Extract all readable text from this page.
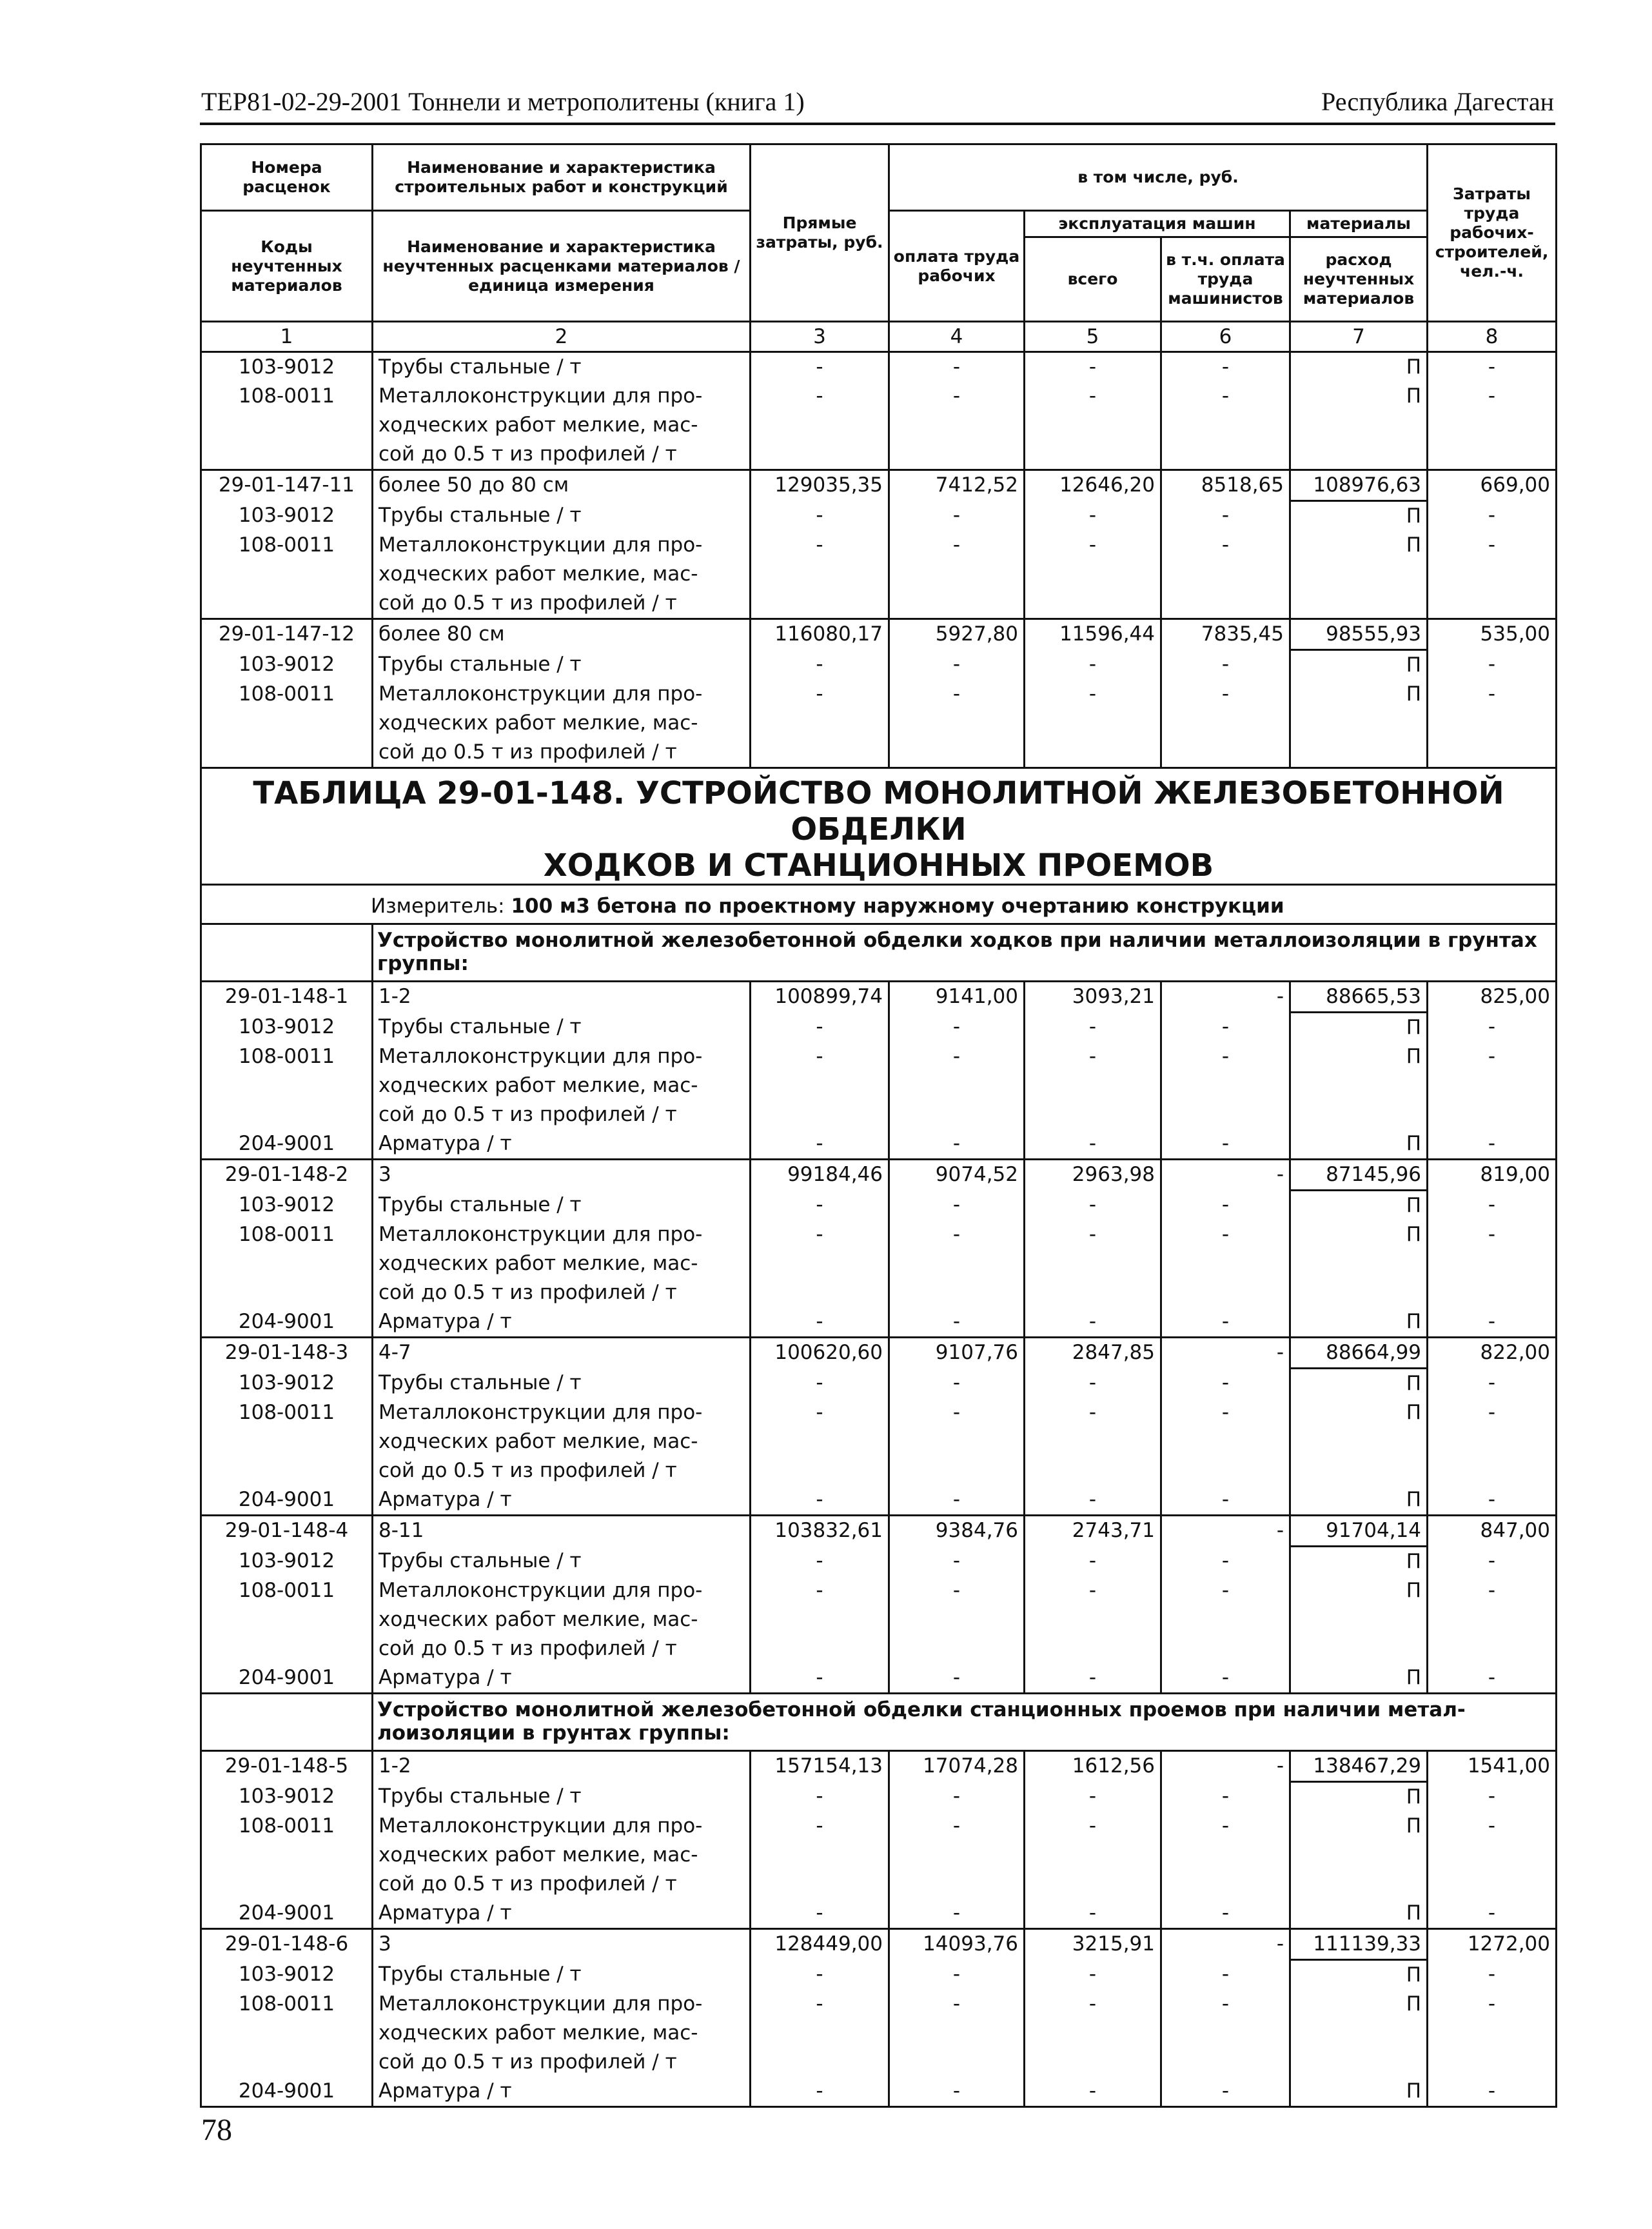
ТЕР81-02-29-2001 Тоннели и метрополитены (книга 1)	Республика Дагестан
Номера расценок	Наименование и характеристика строительных работ и конструкций	Прямые затраты, руб.	в том числе, руб.				Затраты труда рабочих-строителей, чел.-ч.
Коды неучтенных материалов	Наименование и характеристика неучтенных расценками материалов / единица измерения		оплата труда рабочих	эксплуатация машин		материалы	
				всего	в т.ч. оплата труда машинистов	расход неучтенных материалов	
1	2	3	4	5	6	7	8
103-9012	Трубы стальные / т	-	-	-	-	П	-
108-0011	Металлоконструкции для про-
ходческих работ мелкие, мас-
сой до 0.5 т из профилей / т	-	-	-	-	П	-
29-01-147-11	более 50 до 80 см	129035,35	7412,52	12646,20	8518,65	108976,63	669,00
103-9012	Трубы стальные / т	-	-	-	-	П	-
108-0011	Металлоконструкции для про-
ходческих работ мелкие, мас-
сой до 0.5 т из профилей / т	-	-	-	-	П	-
29-01-147-12	более 80 см	116080,17	5927,80	11596,44	7835,45	98555,93	535,00
103-9012	Трубы стальные / т	-	-	-	-	П	-
108-0011	Металлоконструкции для про-
ходческих работ мелкие, мас-
сой до 0.5 т из профилей / т	-	-	-	-	П	-
ТАБЛИЦА 29-01-148. УСТРОЙСТВО МОНОЛИТНОЙ ЖЕЛЕЗОБЕТОННОЙ ОБДЕЛКИ
ХОДКОВ И СТАНЦИОННЫХ ПРОЕМОВ							
Измеритель: 100 м3 бетона по проектному наружному очертанию конструкции							
	Устройство монолитной железобетонной обделки ходков при наличии металлоизоляции в грунтах группы:						
29-01-148-1	1-2	100899,74	9141,00	3093,21	-	88665,53	825,00
103-9012	Трубы стальные / т	-	-	-	-	П	-
108-0011	Металлоконструкции для про-
ходческих работ мелкие, мас-
сой до 0.5 т из профилей / т	-	-	-	-	П	-
204-9001	Арматура / т	-	-	-	-	П	-
29-01-148-2	3	99184,46	9074,52	2963,98	-	87145,96	819,00
103-9012	Трубы стальные / т	-	-	-	-	П	-
108-0011	Металлоконструкции для про-
ходческих работ мелкие, мас-
сой до 0.5 т из профилей / т	-	-	-	-	П	-
204-9001	Арматура / т	-	-	-	-	П	-
29-01-148-3	4-7	100620,60	9107,76	2847,85	-	88664,99	822,00
103-9012	Трубы стальные / т	-	-	-	-	П	-
108-0011	Металлоконструкции для про-
ходческих работ мелкие, мас-
сой до 0.5 т из профилей / т	-	-	-	-	П	-
204-9001	Арматура / т	-	-	-	-	П	-
29-01-148-4	8-11	103832,61	9384,76	2743,71	-	91704,14	847,00
103-9012	Трубы стальные / т	-	-	-	-	П	-
108-0011	Металлоконструкции для про-
ходческих работ мелкие, мас-
сой до 0.5 т из профилей / т	-	-	-	-	П	-
204-9001	Арматура / т	-	-	-	-	П	-
	Устройство монолитной железобетонной обделки станционных проемов при наличии метал-лоизоляции в грунтах группы:						
29-01-148-5	1-2	157154,13	17074,28	1612,56	-	138467,29	1541,00
103-9012	Трубы стальные / т	-	-	-	-	П	-
108-0011	Металлоконструкции для про-
ходческих работ мелкие, мас-
сой до 0.5 т из профилей / т	-	-	-	-	П	-
204-9001	Арматура / т	-	-	-	-	П	-
29-01-148-6	3	128449,00	14093,76	3215,91	-	111139,33	1272,00
103-9012	Трубы стальные / т	-	-	-	-	П	-
108-0011	Металлоконструкции для про-
ходческих работ мелкие, мас-
сой до 0.5 т из профилей / т	-	-	-	-	П	-
204-9001	Арматура / т	-	-	-	-	П	-
78
